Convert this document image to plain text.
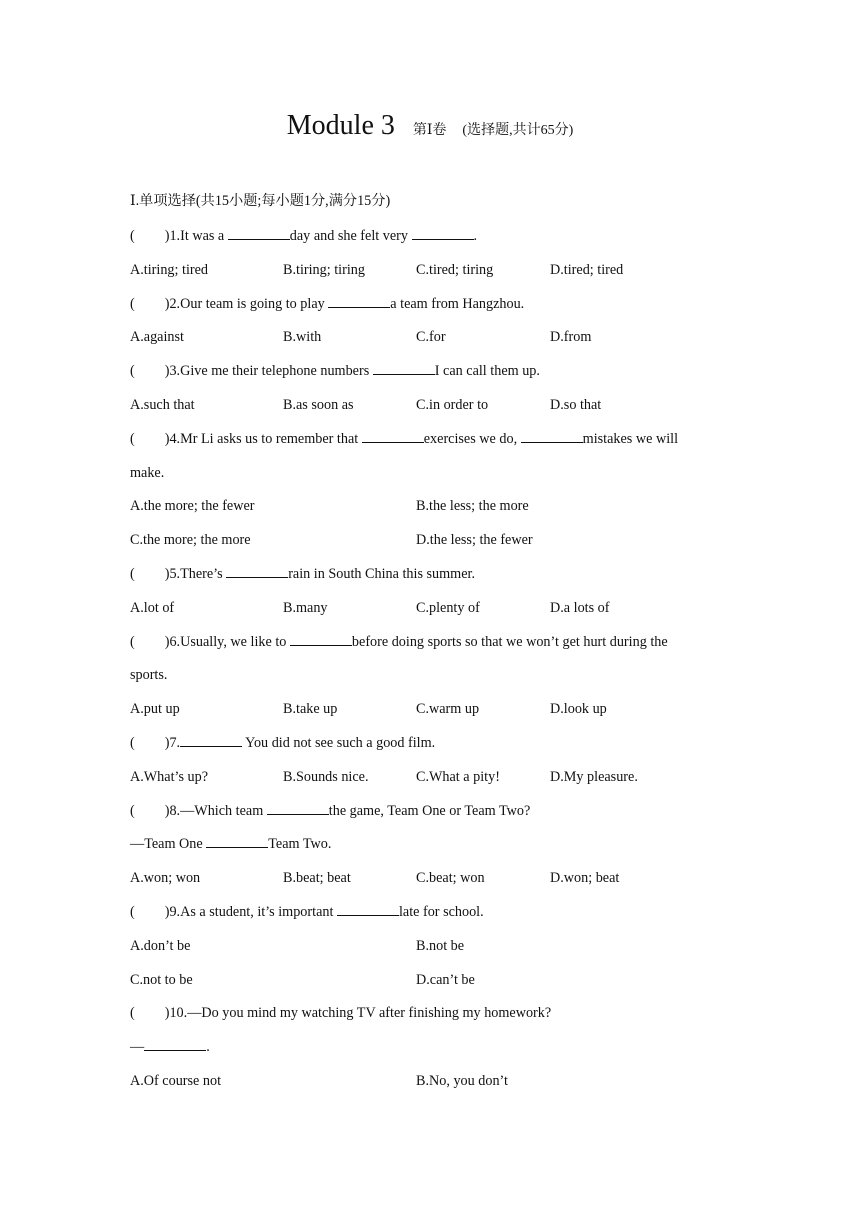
Module 3 第Ⅰ卷 (选择题,共计65分)
Ⅰ.单项选择(共15小题;每小题1分,满分15分)
( )1.It was a	day and she felt very	.
A.tiring; tired	B.tiring; tiring	C.tired; tiring	D.tired; tired
( )2.Our team is going to play	a team from Hangzhou.
A.against	B.with	C.for	D.from
( )3.Give me their telephone numbers	I can call them up.
A.such that	B.as soon as	C.in order to	D.so that
( )4.Mr Li asks us to remember that	exercises we do,	mistakes we will
make.
A.the more; the fewer	B.the less; the more
C.the more; the more	D.the less; the fewer
( )5.There’s	rain in South China this summer.
A.lot of	B.many	C.plenty of	D.a lots of
( )6.Usually, we like to	before doing sports so that we won’t get hurt during the
sports.
A.put up	B.take up	C.warm up	D.look up
( )7.	You did not see such a good film.
A.What’s up?	B.Sounds nice.	C.What a pity!	D.My pleasure.
( )8.—Which team	the game, Team One or Team Two?
—Team One	Team Two.
A.won; won	B.beat; beat	C.beat; won	D.won; beat
( )9.As a student, it’s important	late for school.
A.don’t be	B.not be
C.not to be	D.can’t be
( )10.—Do you mind my watching TV after finishing my homework?
—	.
A.Of course not	B.No, you don’t
